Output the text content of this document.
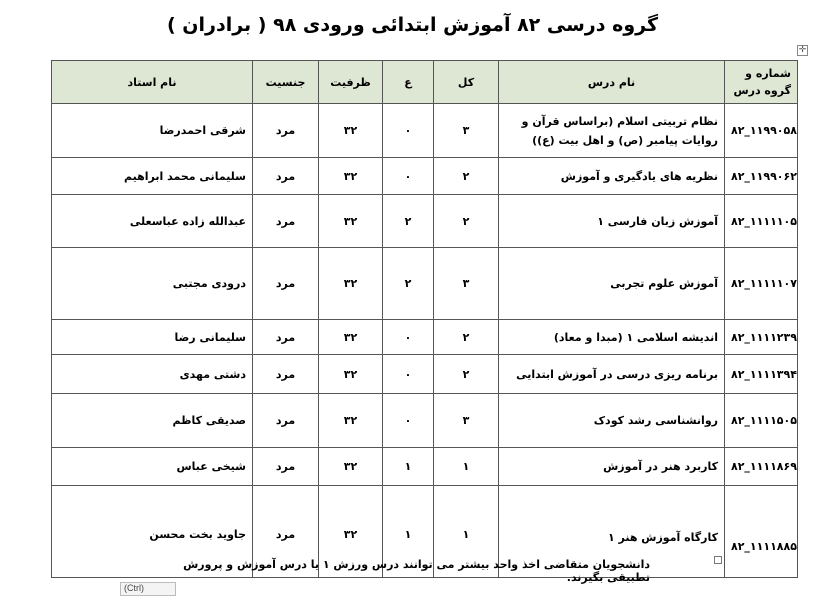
گروه درسی ۸۲ آموزش ابتدائی ورودی ۹۸ ( برادران )
✛
شماره و گروه درس	نام درس	کل	ع	ظرفیت	جنسیت	نام استاد
۸۲_۱۱۹۹۰۵۸	نظام تربیتی اسلام (براساس قرآن و روایات پیامبر (ص) و اهل بیت (ع))	۳	۰	۳۲	مرد	شرقی احمدرضا
۸۲_۱۱۹۹۰۶۲	نظریه های یادگیری و آموزش	۲	۰	۳۲	مرد	سلیمانی محمد ابراهیم
۸۲_۱۱۱۱۱۰۵	آموزش زبان فارسی ۱	۲	۲	۳۲	مرد	عبدالله زاده عباسعلی
۸۲_۱۱۱۱۱۰۷	آموزش علوم تجربی	۳	۲	۳۲	مرد	درودی مجتبی
۸۲_۱۱۱۱۲۳۹	اندیشه اسلامی ۱ (مبدا و معاد)	۲	۰	۳۲	مرد	سلیمانی رضا
۸۲_۱۱۱۱۳۹۴	برنامه ریزی درسی در آموزش ابتدایی	۲	۰	۳۲	مرد	دشتی مهدی
۸۲_۱۱۱۱۵۰۵	روانشناسی رشد کودک	۳	۰	۳۲	مرد	صدیقی کاظم
۸۲_۱۱۱۱۸۶۹	کاربرد هنر در آموزش	۱	۱	۳۲	مرد	شیخی عباس
۸۲_۱۱۱۱۸۸۵	کارگاه آموزش هنر ۱	۱	۱	۳۲	مرد	جاوید بخت محسن
دانشجویان متقاضی اخذ واحد بیشتر می توانند درس ورزش ۱ یا درس آموزش و پرورش تطبیقی بگیرند.
(Ctrl)
